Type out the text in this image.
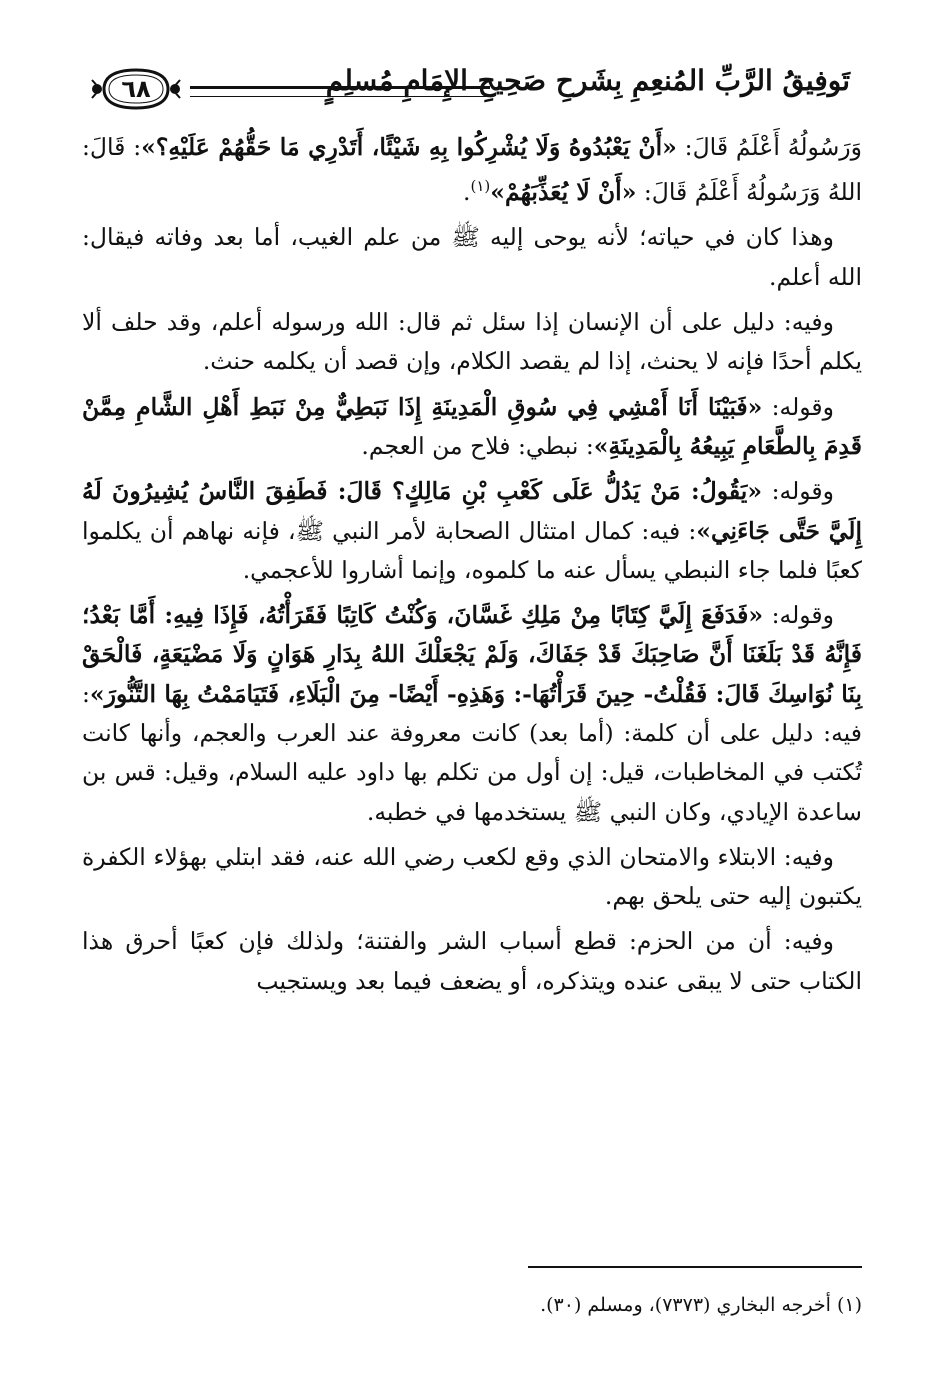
٦٨	تَوفِيقُ الرَّبِّ المُنعِمِ بِشَرحِ صَحِيحِ الإِمَامِ مُسلِمٍ

وَرَسُولُهُ أَعْلَمُ قَالَ: «أَنْ يَعْبُدُوهُ وَلَا يُشْرِكُوا بِهِ شَيْئًا، أَتَدْرِي مَا حَقُّهُمْ عَلَيْهِ؟»: قَالَ: اللهُ وَرَسُولُهُ أَعْلَمُ قَالَ: «أَنْ لَا يُعَذِّبَهُمْ»$^{(١)}$.

وهذا كان في حياته؛ لأنه يوحى إليه ﷺ من علم الغيب، أما بعد وفاته فيقال: الله أعلم.

وفيه: دليل على أن الإنسان إذا سئل ثم قال: الله ورسوله أعلم، وقد حلف ألا يكلم أحدًا فإنه لا يحنث، إذا لم يقصد الكلام، وإن قصد أن يكلمه حنث.

وقوله: «فَبَيْنَا أَنَا أَمْشِي فِي سُوقِ الْمَدِينَةِ إِذَا نَبَطِيٌّ مِنْ نَبَطِ أَهْلِ الشَّامِ مِمَّنْ قَدِمَ بِالطَّعَامِ يَبِيعُهُ بِالْمَدِينَةِ»: نبطي: فلاح من العجم.

وقوله: «يَقُولُ: مَنْ يَدُلُّ عَلَى كَعْبِ بْنِ مَالِكٍ؟ قَالَ: فَطَفِقَ النَّاسُ يُشِيرُونَ لَهُ إِلَيَّ حَتَّى جَاءَنِي»: فيه: كمال امتثال الصحابة لأمر النبي ﷺ، فإنه نهاهم أن يكلموا كعبًا فلما جاء النبطي يسأل عنه ما كلموه، وإنما أشاروا للأعجمي.

وقوله: «فَدَفَعَ إِلَيَّ كِتَابًا مِنْ مَلِكِ غَسَّانَ، وَكُنْتُ كَاتِبًا فَقَرَأْتُهُ، فَإِذَا فِيهِ: أَمَّا بَعْدُ؛ فَإِنَّهُ قَدْ بَلَغَنَا أَنَّ صَاحِبَكَ قَدْ جَفَاكَ، وَلَمْ يَجْعَلْكَ اللهُ بِدَارِ هَوَانٍ وَلَا مَضْيَعَةٍ، فَالْحَقْ بِنَا نُوَاسِكَ قَالَ: فَقُلْتُ- حِينَ قَرَأْتُهَا-: وَهَذِهِ- أَيْضًا- مِنَ الْبَلَاءِ، فَتَيَامَمْتُ بِهَا التَّنُّورَ»: فيه: دليل على أن كلمة: (أما بعد) كانت معروفة عند العرب والعجم، وأنها كانت تُكتب في المخاطبات، قيل: إن أول من تكلم بها داود عليه السلام، وقيل: قس بن ساعدة الإيادي، وكان النبي ﷺ يستخدمها في خطبه.

وفيه: الابتلاء والامتحان الذي وقع لكعب رضي الله عنه، فقد ابتلي بهؤلاء الكفرة يكتبون إليه حتى يلحق بهم.

وفيه: أن من الحزم: قطع أسباب الشر والفتنة؛ ولذلك فإن كعبًا أحرق هذا الكتاب حتى لا يبقى عنده ويتذكره، أو يضعف فيما بعد ويستجيب

(١) أخرجه البخاري (٧٣٧٣)، ومسلم (٣٠).
